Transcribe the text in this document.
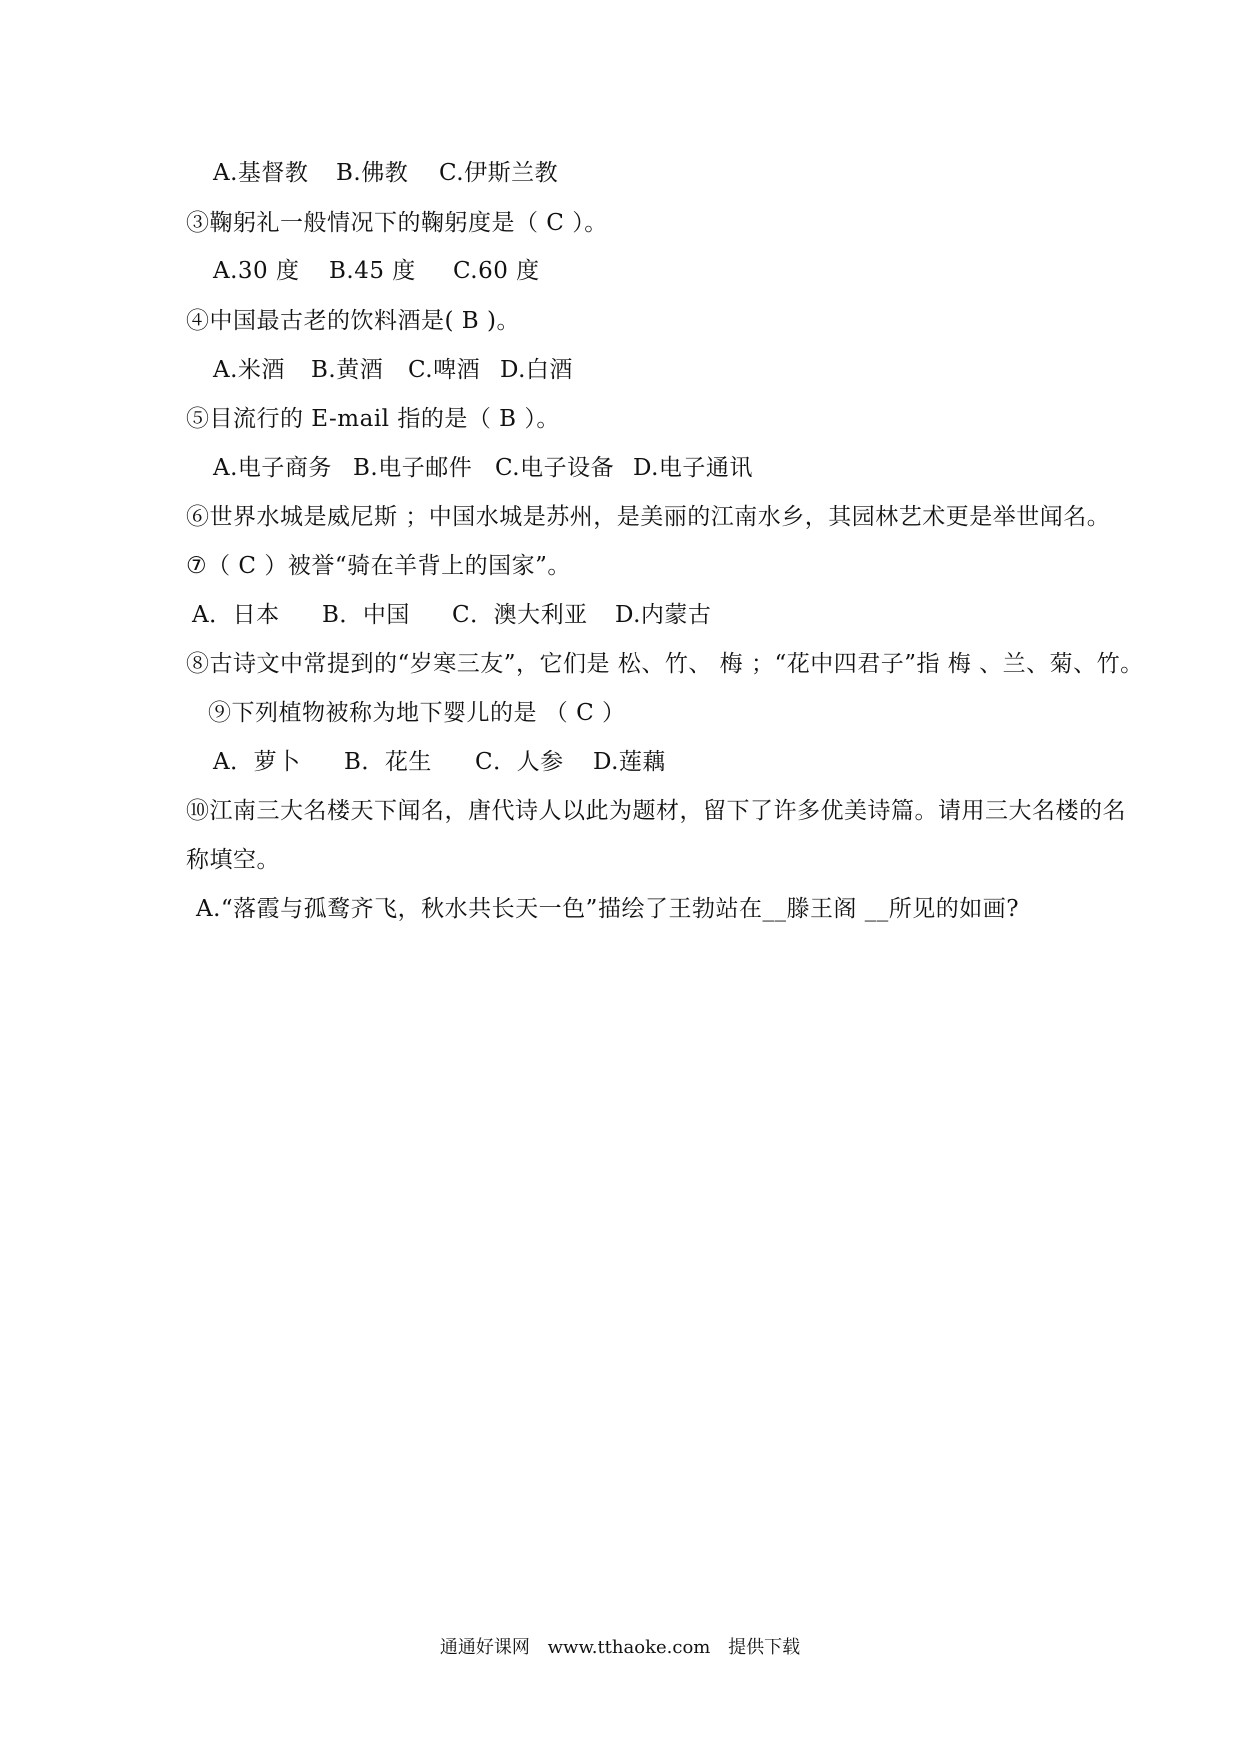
A.基督教 B.佛教 C.伊斯兰教
③鞠躬礼一般情况下的鞠躬度是（ C ）。
A.30 度 B.45 度 C.60 度
④中国最古老的饮料酒是( B )。
A.米酒 B.黄酒 C.啤酒 D.白酒
⑤目流行的 E-mail 指的是（ B ）。
A.电子商务 B.电子邮件 C.电子设备 D.电子通讯
⑥世界水城是威尼斯 ；中国水城是苏州，是美丽的江南水乡，其园林艺术更是举世闻名。
⑦（ C ）被誉“骑在羊背上的国家”。
A．日本 B．中国 C．澳大利亚 D.内蒙古
⑧古诗文中常提到的“岁寒三友”，它们是 松、竹、 梅 ；“花中四君子”指 梅 、兰、菊、竹。
⑨下列植物被称为地下婴儿的是 （ C ）
A．萝卜 B．花生 C．人参 D.莲藕
⑩江南三大名楼天下闻名，唐代诗人以此为题材，留下了许多优美诗篇。请用三大名楼的名
称填空。
A.“落霞与孤鹜齐飞，秋水共长天一色”描绘了王勃站在__滕王阁 __所见的如画?
通通好课网 www.tthaoke.com 提供下载
